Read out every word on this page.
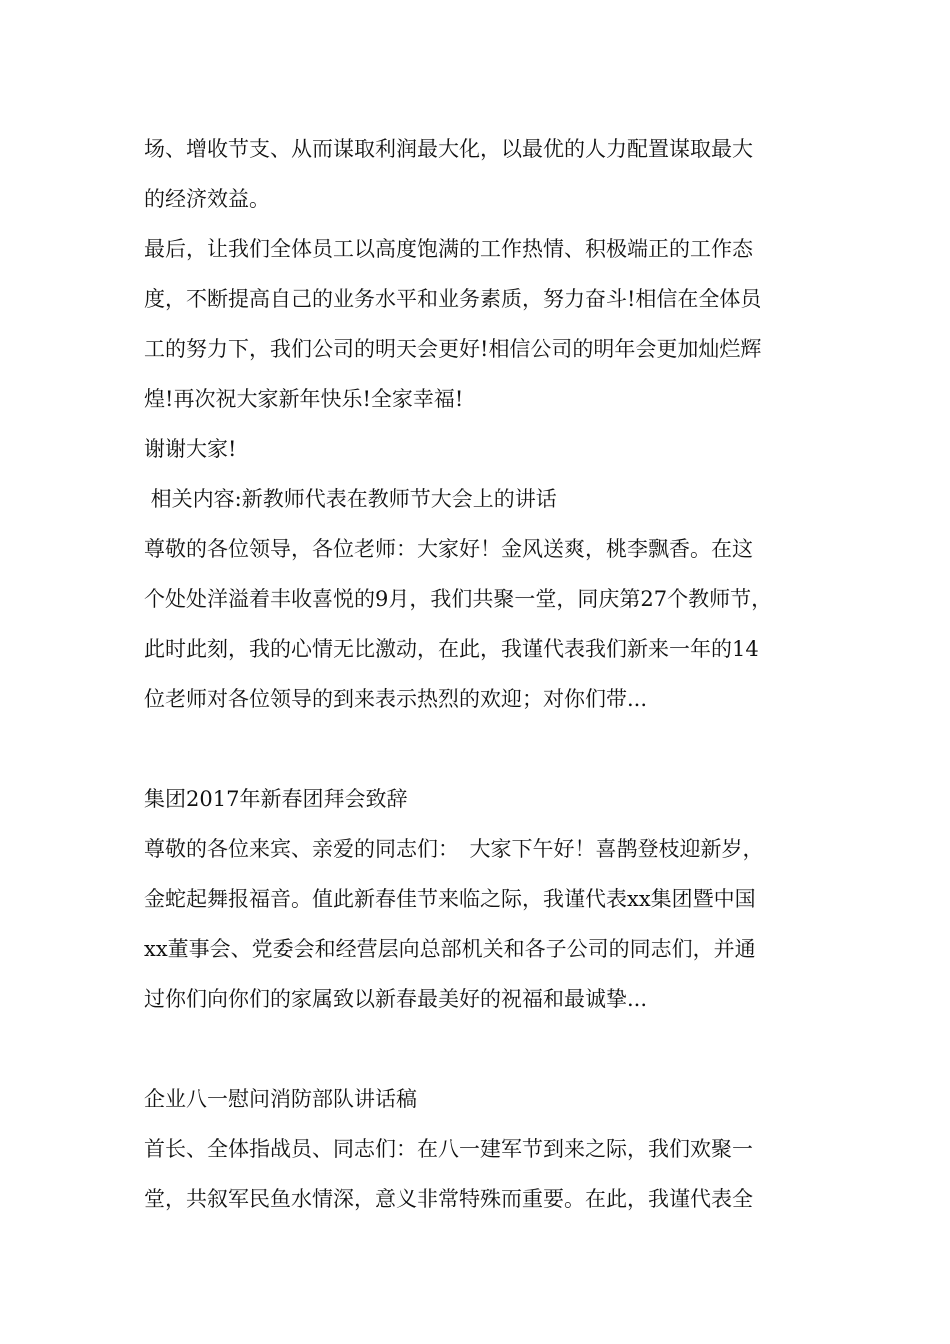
场、增收节支、从而谋取利润最大化，以最优的人力配置谋取最大
的经济效益。
最后，让我们全体员工以高度饱满的工作热情、积极端正的工作态
度，不断提高自己的业务水平和业务素质，努力奋斗!相信在全体员
工的努力下，我们公司的明天会更好!相信公司的明年会更加灿烂辉
煌!再次祝大家新年快乐!全家幸福!
谢谢大家!
相关内容:新教师代表在教师节大会上的讲话
尊敬的各位领导，各位老师：大家好！金风送爽，桃李飘香。在这
个处处洋溢着丰收喜悦的9月，我们共聚一堂，同庆第27个教师节，
此时此刻，我的心情无比激动，在此，我谨代表我们新来一年的14
位老师对各位领导的到来表示热烈的欢迎；对你们带...
集团2017年新春团拜会致辞
尊敬的各位来宾、亲爱的同志们：　大家下午好！喜鹊登枝迎新岁，
金蛇起舞报福音。值此新春佳节来临之际，我谨代表xx集团暨中国
xx董事会、党委会和经营层向总部机关和各子公司的同志们，并通
过你们向你们的家属致以新春最美好的祝福和最诚挚...
企业八一慰问消防部队讲话稿
首长、全体指战员、同志们：在八一建军节到来之际，我们欢聚一
堂，共叙军民鱼水情深，意义非常特殊而重要。在此，我谨代表全
